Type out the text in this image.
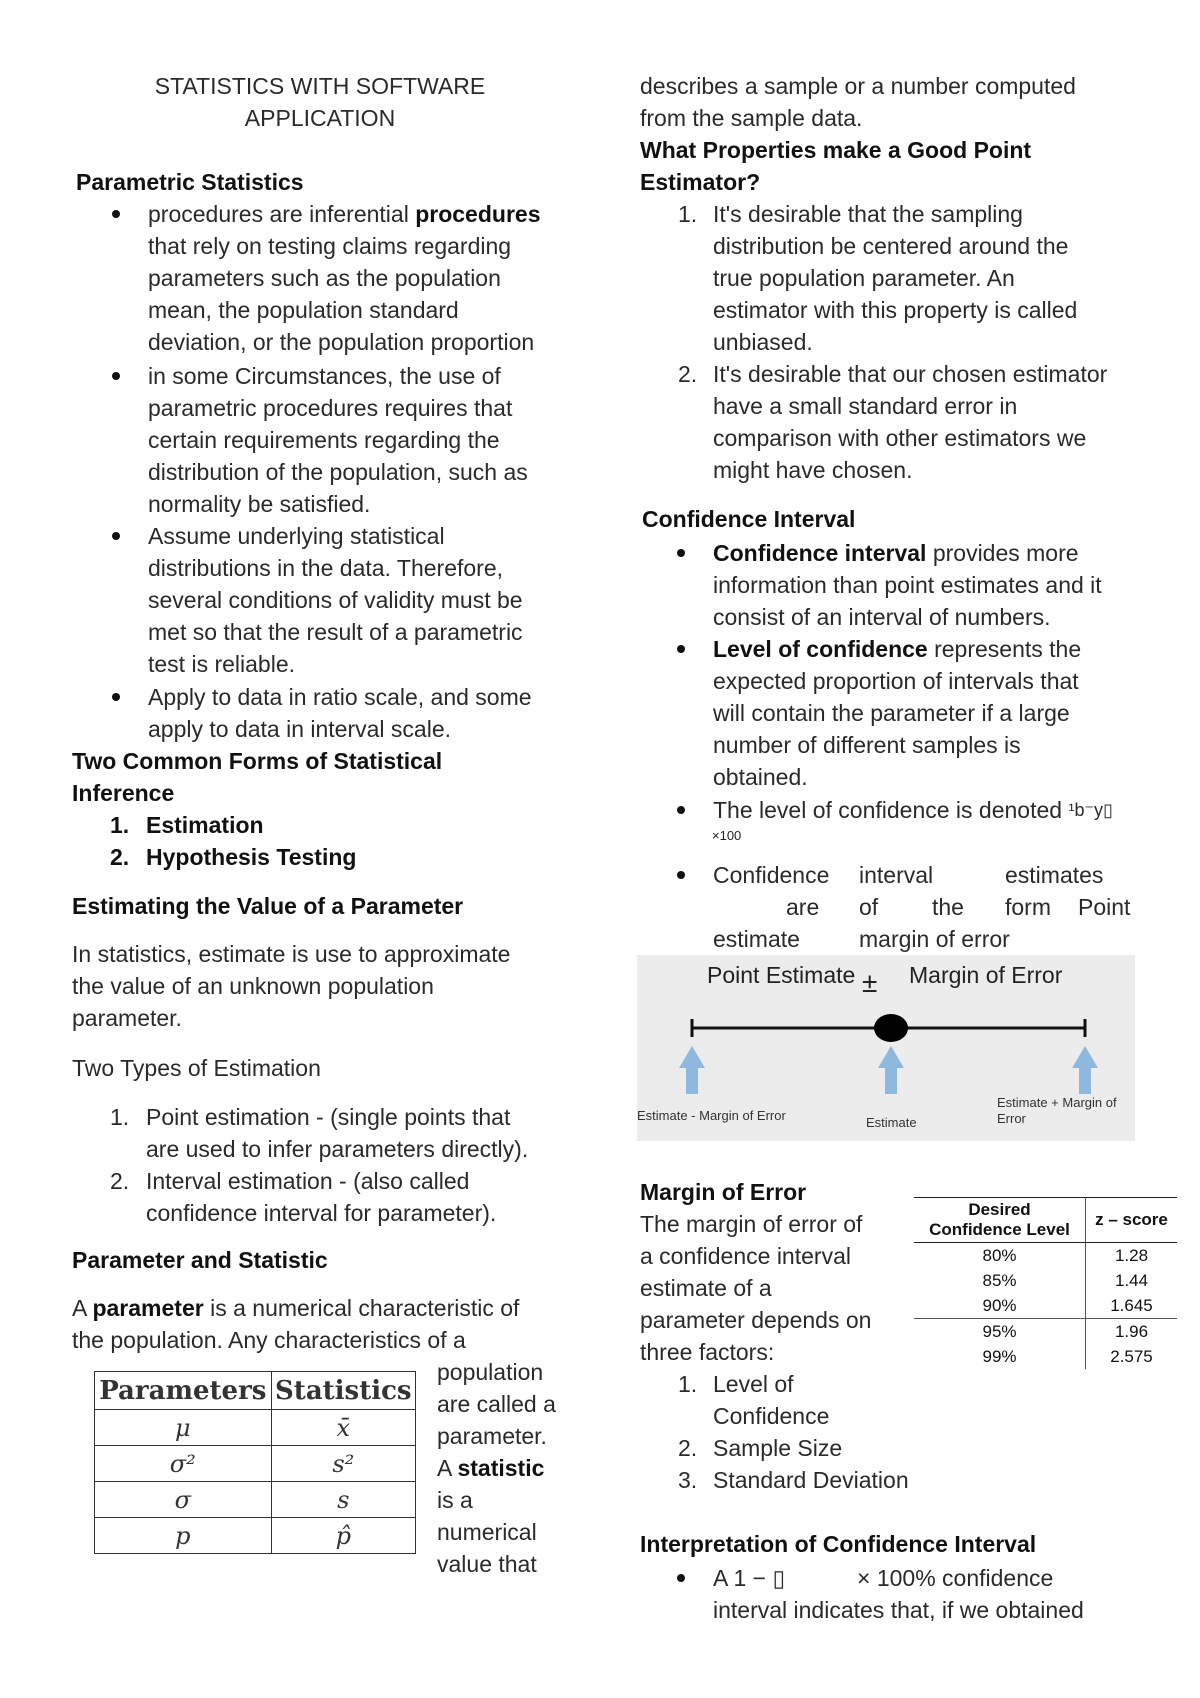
STATISTICS WITH SOFTWARE
APPLICATION
Parametric Statistics
procedures are inferential procedures
that rely on testing claims regarding
parameters such as the population
mean, the population standard
deviation, or the population proportion
in some Circumstances, the use of
parametric procedures requires that
certain requirements regarding the
distribution of the population, such as
normality be satisfied.
Assume underlying statistical
distributions in the data. Therefore,
several conditions of validity must be
met so that the result of a parametric
test is reliable.
Apply to data in ratio scale, and some
apply to data in interval scale.
Two Common Forms of Statistical
Inference
1. Estimation
2. Hypothesis Testing
Estimating the Value of a Parameter
In statistics, estimate is use to approximate
the value of an unknown population
parameter.
Two Types of Estimation
1. Point estimation - (single points that
are used to infer parameters directly).
2. Interval estimation - (also called
confidence interval for parameter).
Parameter and Statistic
A parameter is a numerical characteristic of
the population. Any characteristics of a
population
are called a
parameter.
A statistic
is a
numerical
value that
Parameters	Statistics
μ	x̄
σ²	s²
σ	s
p	p̂
describes a sample or a number computed
from the sample data.
What Properties make a Good Point
Estimator?
1. It's desirable that the sampling
distribution be centered around the
true population parameter. An
estimator with this property is called
unbiased.
2. It's desirable that our chosen estimator
have a small standard error in
comparison with other estimators we
might have chosen.
Confidence Interval
Confidence interval provides more
information than point estimates and it
consist of an interval of numbers.
Level of confidence represents the
expected proportion of intervals that
will contain the parameter if a large
number of different samples is
obtained.
The level of confidence is denoted $^{^1b^-y▯}$
×100
Confidence interval	estimates
are of the form Point
estimate	margin of error
Point Estimate ± Margin of Error
Estimate - Margin of Error	Estimate
Estimate + Margin of
Error
Margin of Error
The margin of error of
a confidence interval
estimate of a
parameter depends on
three factors:
1. Level of
Confidence
2. Sample Size
3. Standard Deviation
Desired
Confidence Level	z – score
80%	1.28
85%	1.44
90%	1.645
95%	1.96
99%	2.575
Interpretation of Confidence Interval
A 1 − ▯	× 100% confidence
interval indicates that, if we obtained
